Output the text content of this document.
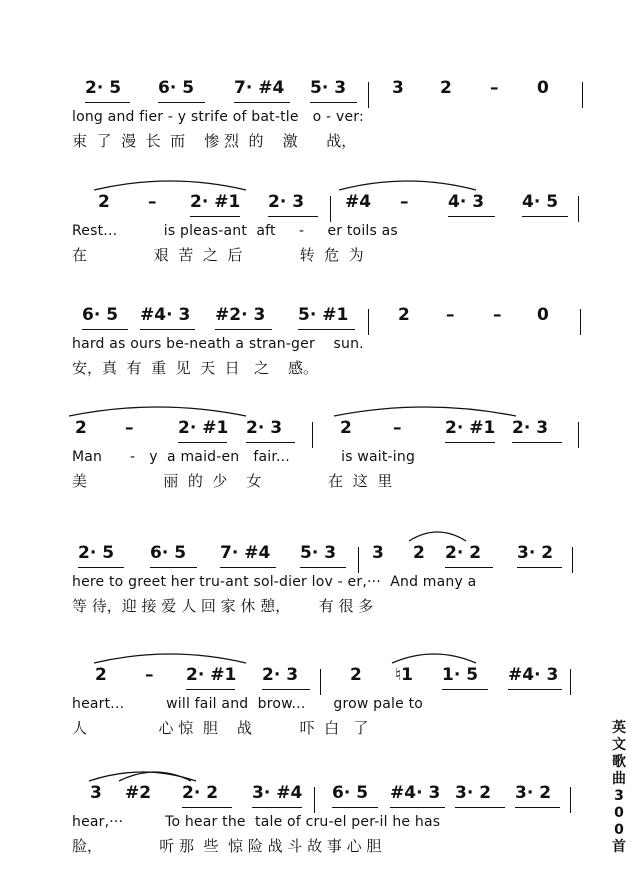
2· 5 6· 5 7· #4 5· 3	3 2 – 0
long and fier - y strife of bat-tle   o - ver:
束  了  漫  长  而    惨 烈  的    激      战，
2 – 2· #1 2· 3 #4 – 4· 3 4· 5
Rest...          is pleas-ant  aft     -     er toils as
在              艰  苦  之  后            转  危  为
6· 5 #4· 3 #2· 3 5· #1	2 – – 0
hard as ours be-neath a stran-ger    sun.
安，真  有  重  见  天  日   之    感。
2 –	2· #1 2· 3	2 –	2· #1 2· 3
Man      -   y  a maid-en   fair...           is wait-ing
美                丽  的  少    女              在  这  里
2· 5 6· 5 7· #4 5· 3 3 2 2· 2 3· 2
here to greet her tru-ant sol-dier lov - er,···  And many a
等 待，迎 接 爱 人 回 家 休 憩，      有 很 多
2 – 2· #1 2· 3	2 ♮1 1· 5 #4· 3
heart...         will fail and  brow...      grow pale to
人               心 惊  胆    战          吓  白   了
3 #2 2· 2 3· #4 6· 5 #4· 3 3· 2 3· 2
hear,···         To hear the  tale of cru-el per-il he has
脸，            听 那  些  惊 险 战 斗 故 事 心 胆
英
文
歌
曲
3
0
0
首
